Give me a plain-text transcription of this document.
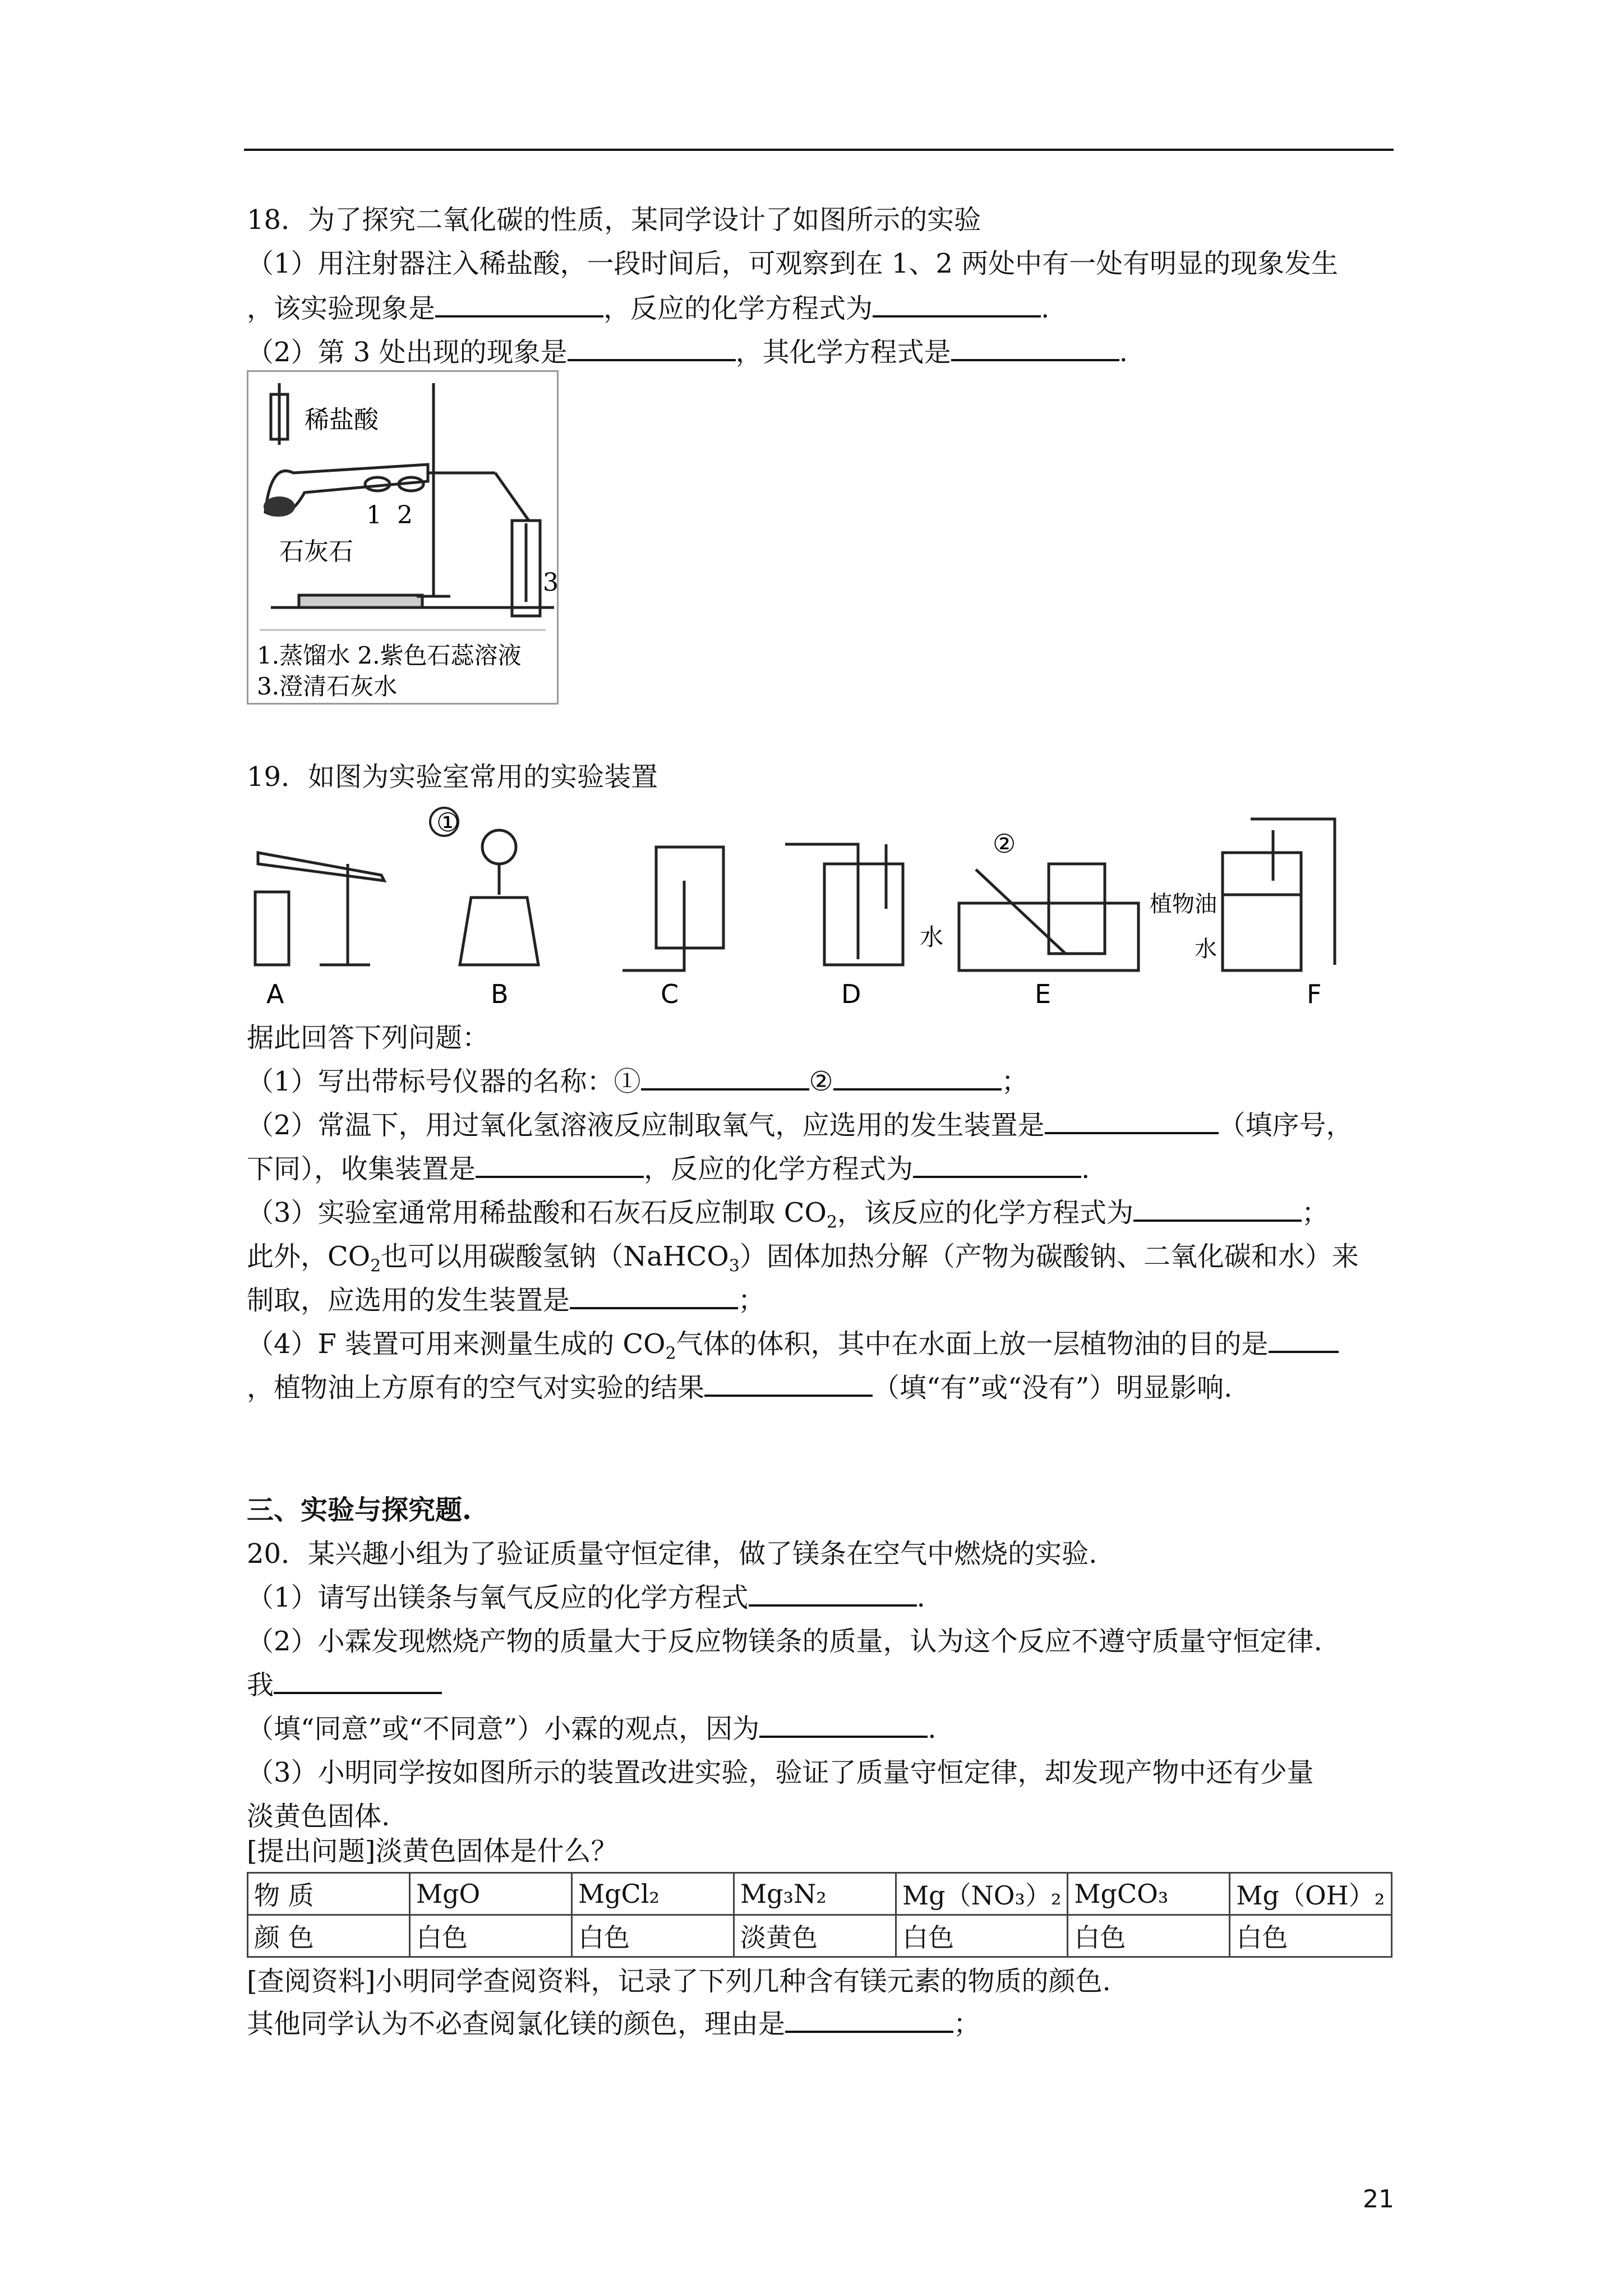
18．为了探究二氧化碳的性质，某同学设计了如图所示的实验
（1）用注射器注入稀盐酸，一段时间后，可观察到在 1、2 两处中有一处有明显的现象发生
，该实验现象是	，反应的化学方程式为	.
（2）第 3 处出现的现象是	，其化学方程式是	.
稀盐酸
1 2
3
石灰石
1.蒸馏水 2.紫色石蕊溶液
3.澄清石灰水
19．如图为实验室常用的实验装置
①
②
水
植物油
水
A	B	C	D	E	F
据此回答下列问题：
（1）写出带标号仪器的名称：①	②	；
（2）常温下，用过氧化氢溶液反应制取氧气，应选用的发生装置是	（填序号，
下同），收集装置是	，反应的化学方程式为	.
（3）实验室通常用稀盐酸和石灰石反应制取 $CO_2$，该反应的化学方程式为	；
此外，$CO_2$也可以用碳酸氢钠（NaHCO$_3$）固体加热分解（产物为碳酸钠、二氧化碳和水）来
制取，应选用的发生装置是	；
（4）F 装置可用来测量生成的 $CO_2$气体的体积，其中在水面上放一层植物油的目的是
，植物油上方原有的空气对实验的结果	（填“有”或“没有”）明显影响.
三、实验与探究题.
20．某兴趣小组为了验证质量守恒定律，做了镁条在空气中燃烧的实验.
（1）请写出镁条与氧气反应的化学方程式	.
（2）小霖发现燃烧产物的质量大于反应物镁条的质量，认为这个反应不遵守质量守恒定律.
我
（填“同意”或“不同意”）小霖的观点，因为	.
（3）小明同学按如图所示的装置改进实验，验证了质量守恒定律，却发现产物中还有少量
淡黄色固体.
[提出问题]淡黄色固体是什么？
物 质	MgO	MgCl₂	Mg₃N₂	Mg（NO₃）₂	MgCO₃	Mg（OH）₂
颜 色	白色	白色	淡黄色	白色	白色	白色
[查阅资料]小明同学查阅资料，记录了下列几种含有镁元素的物质的颜色.
其他同学认为不必查阅氯化镁的颜色，理由是	；
21
